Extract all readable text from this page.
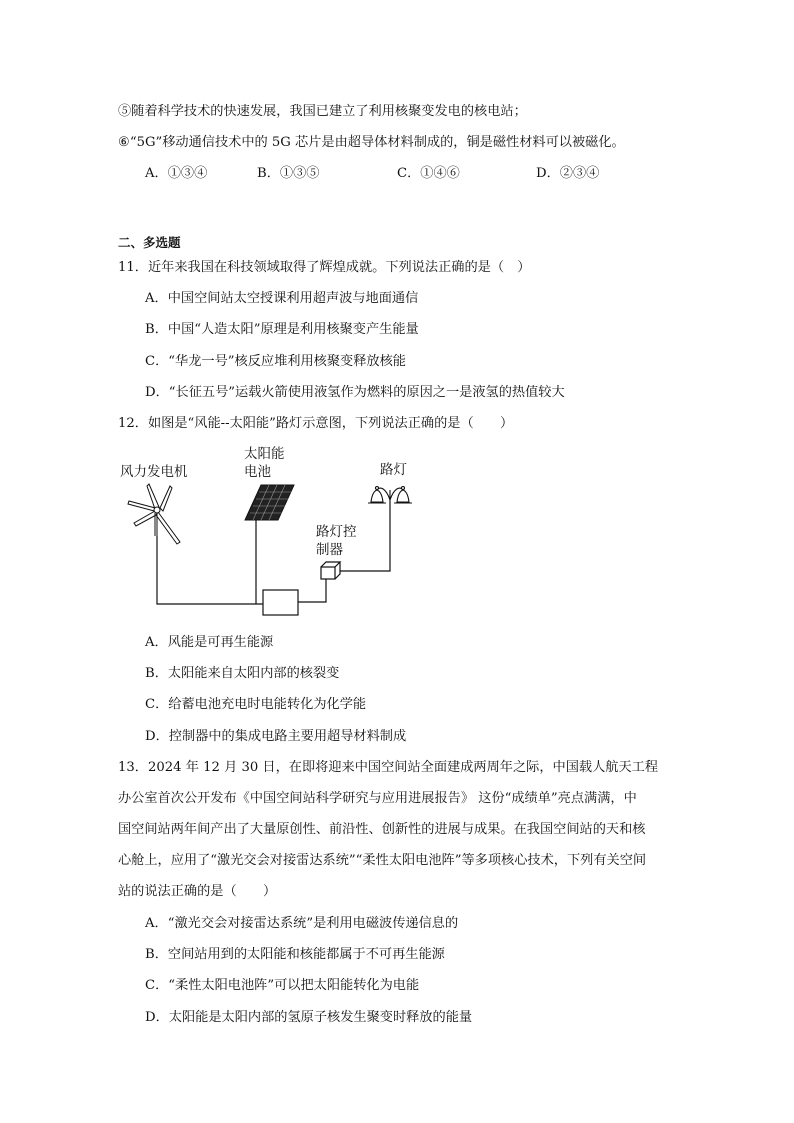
⑤随着科学技术的快速发展，我国已建立了利用核聚变发电的核电站；
⑥“5G”移动通信技术中的 5G 芯片是由超导体材料制成的，铜是磁性材料可以被磁化。
A．①③④	B．①③⑤	C．①④⑥	D．②③④
二、多选题
11．近年来我国在科技领域取得了辉煌成就。下列说法正确的是（　）
A．中国空间站太空授课利用超声波与地面通信
B．中国“人造太阳”原理是利用核聚变产生能量
C．“华龙一号”核反应堆利用核聚变释放核能
D．“长征五号”运载火箭使用液氢作为燃料的原因之一是液氢的热值较大
12．如图是“风能--太阳能”路灯示意图，下列说法正确的是（　　）
风力发电机
太阳能
电池	路灯
路灯控
制器
A．风能是可再生能源
B．太阳能来自太阳内部的核裂变
C．给蓄电池充电时电能转化为化学能
D．控制器中的集成电路主要用超导材料制成
13．2024 年 12 月 30 日，在即将迎来中国空间站全面建成两周年之际，中国载人航天工程
办公室首次公开发布《中国空间站科学研究与应用进展报告》 这份“成绩单”亮点满满，中
国空间站两年间产出了大量原创性、前沿性、创新性的进展与成果。在我国空间站的天和核
心舱上，应用了“激光交会对接雷达系统”“柔性太阳电池阵”等多项核心技术，下列有关空间
站的说法正确的是（　　）
A．“激光交会对接雷达系统”是利用电磁波传递信息的
B．空间站用到的太阳能和核能都属于不可再生能源
C．“柔性太阳电池阵”可以把太阳能转化为电能
D．太阳能是太阳内部的氢原子核发生聚变时释放的能量
